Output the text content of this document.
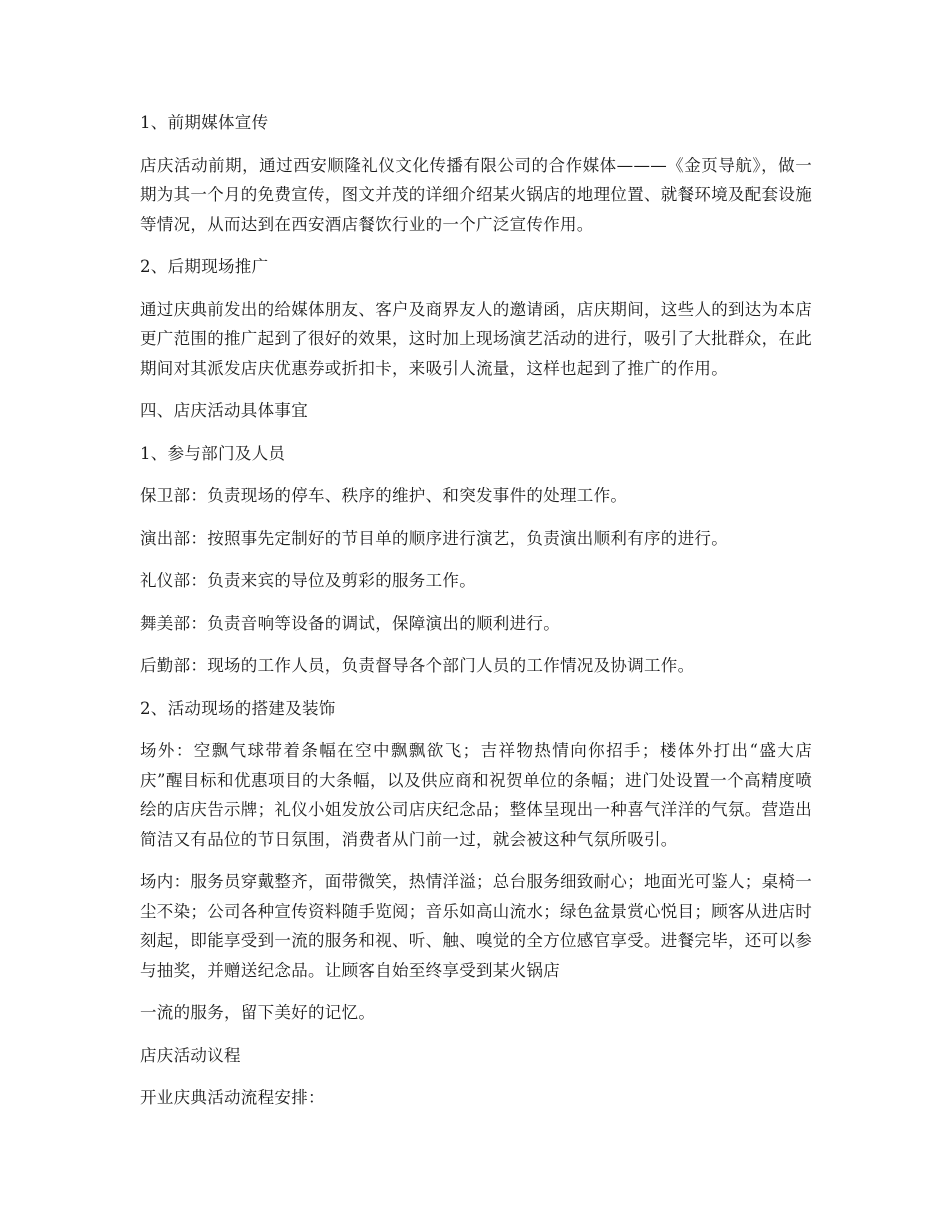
1、前期媒体宣传

店庆活动前期，通过西安顺隆礼仪文化传播有限公司的合作媒体———《金页导航》，做一期为其一个月的免费宣传，图文并茂的详细介绍某火锅店的地理位置、就餐环境及配套设施等情况，从而达到在西安酒店餐饮行业的一个广泛宣传作用。

2、后期现场推广

通过庆典前发出的给媒体朋友、客户及商界友人的邀请函，店庆期间，这些人的到达为本店更广范围的推广起到了很好的效果，这时加上现场演艺活动的进行，吸引了大批群众，在此期间对其派发店庆优惠券或折扣卡，来吸引人流量，这样也起到了推广的作用。

四、店庆活动具体事宜

1、参与部门及人员

保卫部：负责现场的停车、秩序的维护、和突发事件的处理工作。

演出部：按照事先定制好的节目单的顺序进行演艺，负责演出顺利有序的进行。

礼仪部：负责来宾的导位及剪彩的服务工作。

舞美部：负责音响等设备的调试，保障演出的顺利进行。

后勤部：现场的工作人员，负责督导各个部门人员的工作情况及协调工作。

2、活动现场的搭建及装饰

场外：空飘气球带着条幅在空中飘飘欲飞；吉祥物热情向你招手；楼体外打出“盛大店庆”醒目标和优惠项目的大条幅，以及供应商和祝贺单位的条幅；进门处设置一个高精度喷绘的店庆告示牌；礼仪小姐发放公司店庆纪念品；整体呈现出一种喜气洋洋的气氛。营造出简洁又有品位的节日氛围，消费者从门前一过，就会被这种气氛所吸引。

场内：服务员穿戴整齐，面带微笑，热情洋溢；总台服务细致耐心；地面光可鉴人；桌椅一尘不染；公司各种宣传资料随手览阅；音乐如高山流水；绿色盆景赏心悦目；顾客从进店时刻起，即能享受到一流的服务和视、听、触、嗅觉的全方位感官享受。进餐完毕，还可以参与抽奖，并赠送纪念品。让顾客自始至终享受到某火锅店

一流的服务，留下美好的记忆。

店庆活动议程

开业庆典活动流程安排：
